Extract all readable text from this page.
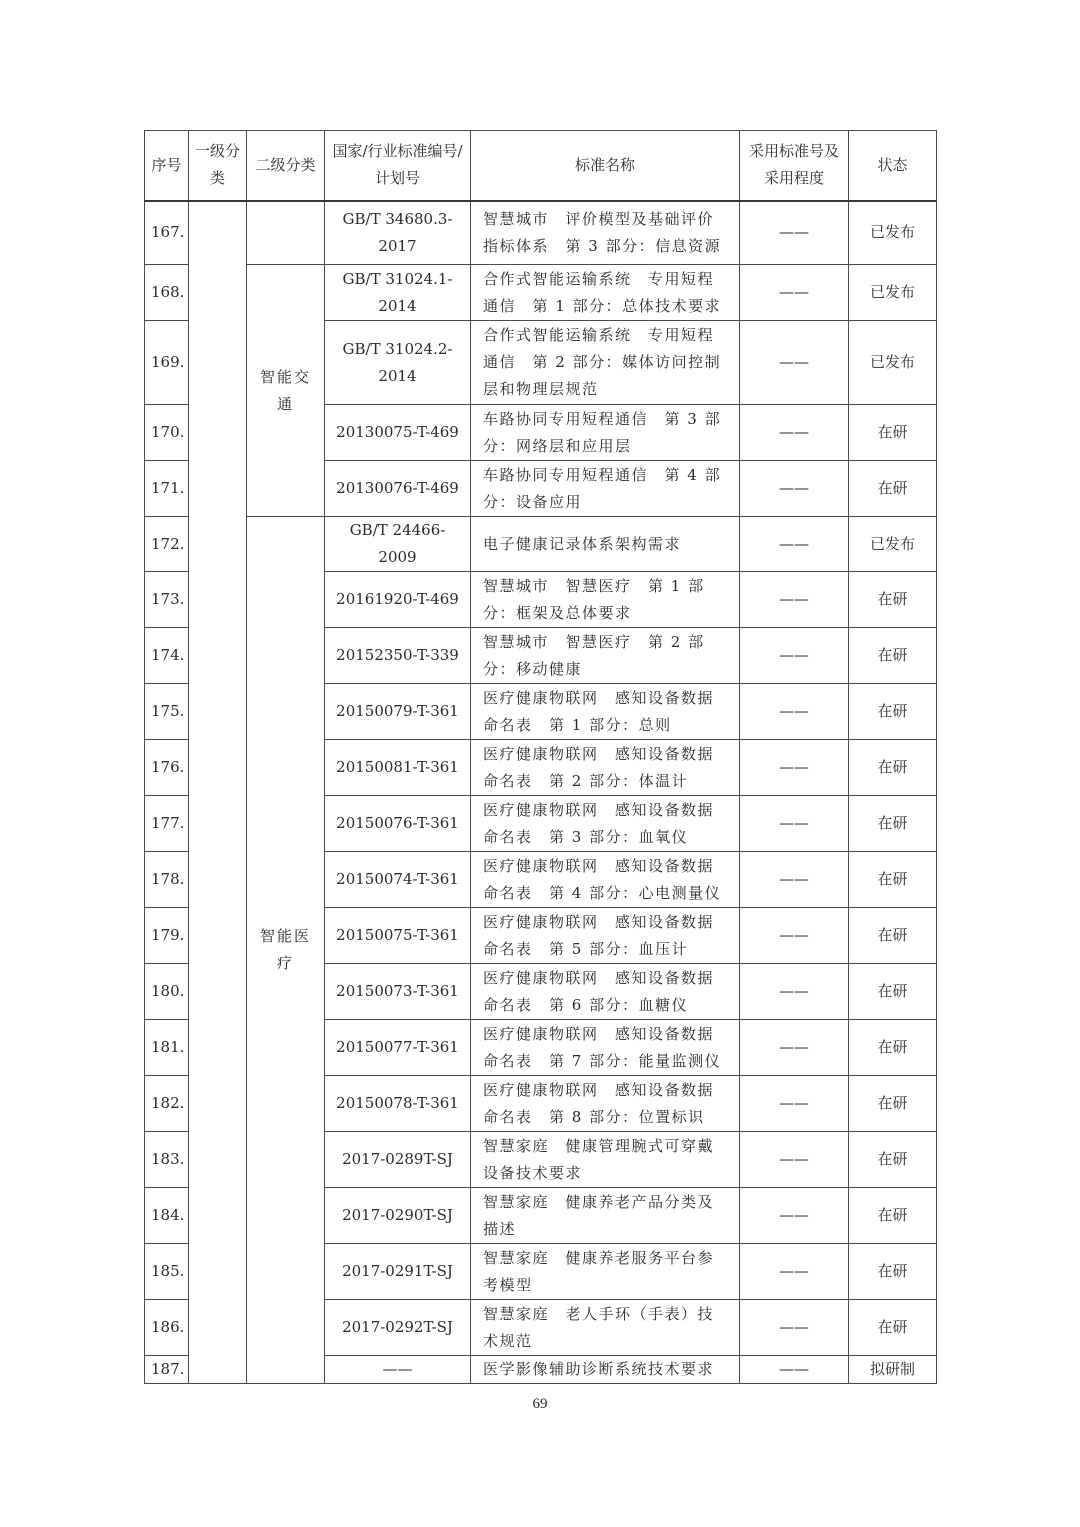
序号	一级分类	二级分类	国家/行业标准编号/计划号	标准名称	采用标准号及采用程度	状态
167.			GB/T 34680.3-2017	智慧城市　评价模型及基础评价指标体系　第 3 部分：信息资源	——	已发布
168.		智能交通	GB/T 31024.1-2014	合作式智能运输系统　专用短程通信　第 1 部分：总体技术要求	——	已发布
169.			GB/T 31024.2-2014	合作式智能运输系统　专用短程通信　第 2 部分：媒体访问控制层和物理层规范	——	已发布
170.			20130075-T-469	车路协同专用短程通信　第 3 部分：网络层和应用层	——	在研
171.			20130076-T-469	车路协同专用短程通信　第 4 部分：设备应用	——	在研
172.		智能医疗	GB/T 24466-2009	电子健康记录体系架构需求	——	已发布
173.			20161920-T-469	智慧城市　智慧医疗　第 1 部分：框架及总体要求	——	在研
174.			20152350-T-339	智慧城市　智慧医疗　第 2 部分：移动健康	——	在研
175.			20150079-T-361	医疗健康物联网　感知设备数据命名表　第 1 部分：总则	——	在研
176.			20150081-T-361	医疗健康物联网　感知设备数据命名表　第 2 部分：体温计	——	在研
177.			20150076-T-361	医疗健康物联网　感知设备数据命名表　第 3 部分：血氧仪	——	在研
178.			20150074-T-361	医疗健康物联网　感知设备数据命名表　第 4 部分：心电测量仪	——	在研
179.			20150075-T-361	医疗健康物联网　感知设备数据命名表　第 5 部分：血压计	——	在研
180.			20150073-T-361	医疗健康物联网　感知设备数据命名表　第 6 部分：血糖仪	——	在研
181.			20150077-T-361	医疗健康物联网　感知设备数据命名表　第 7 部分：能量监测仪	——	在研
182.			20150078-T-361	医疗健康物联网　感知设备数据命名表　第 8 部分：位置标识	——	在研
183.			2017-0289T-SJ	智慧家庭　健康管理腕式可穿戴设备技术要求	——	在研
184.			2017-0290T-SJ	智慧家庭　健康养老产品分类及描述	——	在研
185.			2017-0291T-SJ	智慧家庭　健康养老服务平台参考模型	——	在研
186.			2017-0292T-SJ	智慧家庭　老人手环（手表）技术规范	——	在研
187.			——	医学影像辅助诊断系统技术要求	——	拟研制
69
